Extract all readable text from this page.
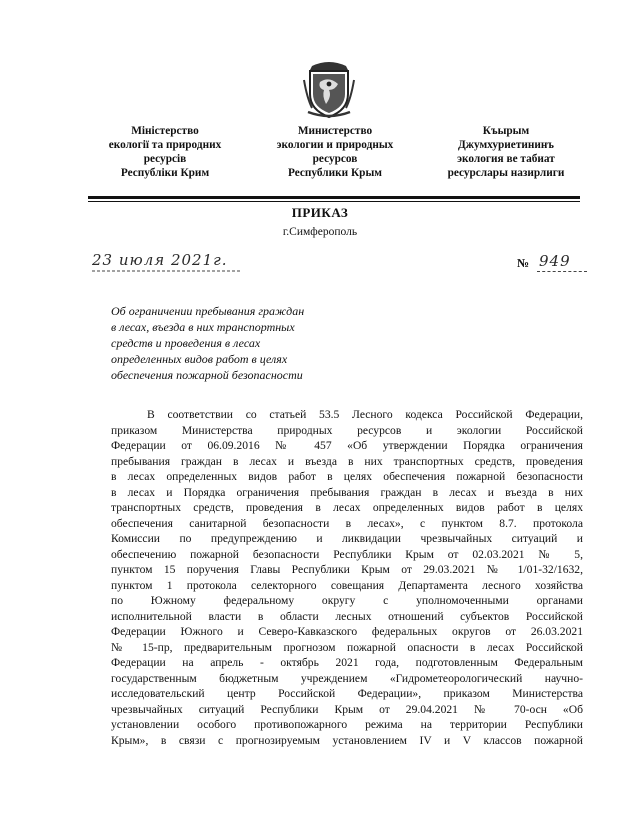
Міністерство
екології та природних
ресурсів
Республіки Крим
Министерство
экологии и природных
ресурсов
Республики Крым
Къырым
Джумхуриетининъ
экология ве табиат
ресурслары назирлиги
ПРИКАЗ
г.Симферополь
23 июля 2021г.	№ 949
Об ограничении пребывания граждан
в лесах, въезда в них транспортных
средств и проведения в лесах
определенных видов работ в целях
обеспечения пожарной безопасности
В соответствии со статьей 53.5 Лесного кодекса Российской Федерации,
приказом Министерства природных ресурсов и экологии Российской
Федерации от 06.09.2016 № 457 «Об утверждении Порядка ограничения
пребывания граждан в лесах и въезда в них транспортных средств, проведения
в лесах определенных видов работ в целях обеспечения пожарной безопасности
в лесах и Порядка ограничения пребывания граждан в лесах и въезда в них
транспортных средств, проведения в лесах определенных видов работ в целях
обеспечения санитарной безопасности в лесах», с пунктом 8.7. протокола
Комиссии по предупреждению и ликвидации чрезвычайных ситуаций и
обеспечению пожарной безопасности Республики Крым от 02.03.2021 № 5,
пунктом 15 поручения Главы Республики Крым от 29.03.2021 № 1/01-32/1632,
пунктом 1 протокола селекторного совещания Департамента лесного хозяйства
по Южному федеральному округу с уполномоченными органами
исполнительной власти в области лесных отношений субъектов Российской
Федерации Южного и Северо-Кавказского федеральных округов от 26.03.2021
№ 15-пр, предварительным прогнозом пожарной опасности в лесах Российской
Федерации на апрель - октябрь 2021 года, подготовленным Федеральным
государственным бюджетным учреждением «Гидрометеорологический научно-
исследовательский центр Российской Федерации», приказом Министерства
чрезвычайных ситуаций Республики Крым от 29.04.2021 № 70-осн «Об
установлении особого противопожарного режима на территории Республики
Крым», в связи с прогнозируемым установлением IV и V классов пожарной
